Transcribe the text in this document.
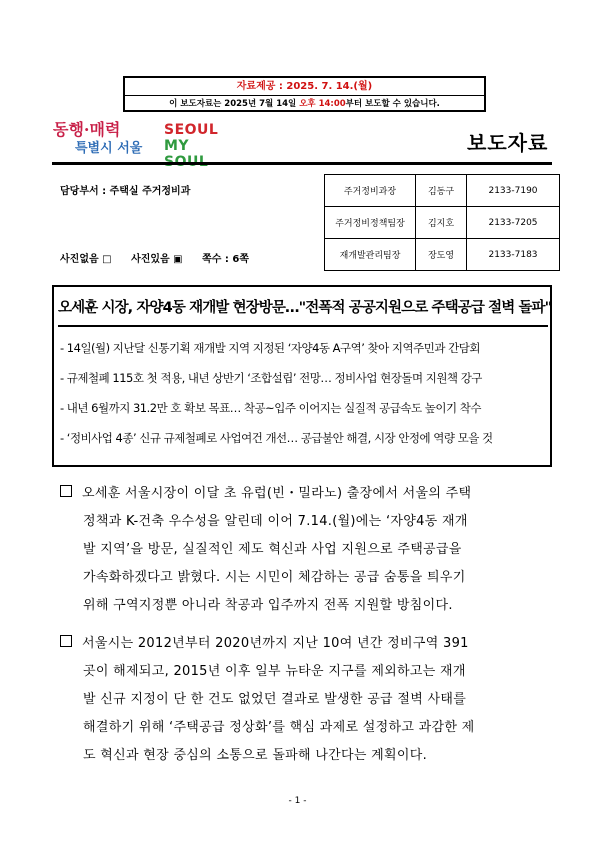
자료제공 : 2025. 7. 14.(월)
이 보도자료는 2025년 7월 14일 오후 14:00부터 보도할 수 있습니다.
동행·매력
특별시 서울
SEOUL
MY	보도자료
담당부서 : 주택실 주거정비과
사진없음 □ 사진있음 ▣ 쪽수 : 6쪽
주거정비과장	김동구	2133-7190
주거정비정책팀장	김지호	2133-7205
재개발관리팀장	장도영	2133-7183
오세훈 시장, 자양4동 재개발 현장방문…"전폭적 공공지원으로 주택공급 절벽 돌파"
- 14일(월) 지난달 신통기획 재개발 지역 지정된 ‘자양4동 A구역’ 찾아 지역주민과 간담회
- 규제철폐 115호 첫 적용, 내년 상반기 ‘조합설립’ 전망… 정비사업 현장돌며 지원책 강구
- 내년 6월까지 31.2만 호 확보 목표… 착공~입주 이어지는 실질적 공급속도 높이기 착수
- ‘정비사업 4종’ 신규 규제철폐로 사업여건 개선… 공급불안 해결, 시장 안정에 역량 모을 것
오세훈 서울시장이 이달 초 유럽(빈・밀라노) 출장에서 서울의 주택
정책과 K-건축 우수성을 알린데 이어 7.14.(월)에는 ‘자양4동 재개
발 지역’을 방문, 실질적인 제도 혁신과 사업 지원으로 주택공급을
가속화하겠다고 밝혔다. 시는 시민이 체감하는 공급 숨통을 틔우기
위해 구역지정뿐 아니라 착공과 입주까지 전폭 지원할 방침이다.
서울시는 2012년부터 2020년까지 지난 10여 년간 정비구역 391
곳이 해제되고, 2015년 이후 일부 뉴타운 지구를 제외하고는 재개
발 신규 지정이 단 한 건도 없었던 결과로 발생한 공급 절벽 사태를
해결하기 위해 ‘주택공급 정상화’를 핵심 과제로 설정하고 과감한 제
도 혁신과 현장 중심의 소통으로 돌파해 나간다는 계획이다.
- 1 -
